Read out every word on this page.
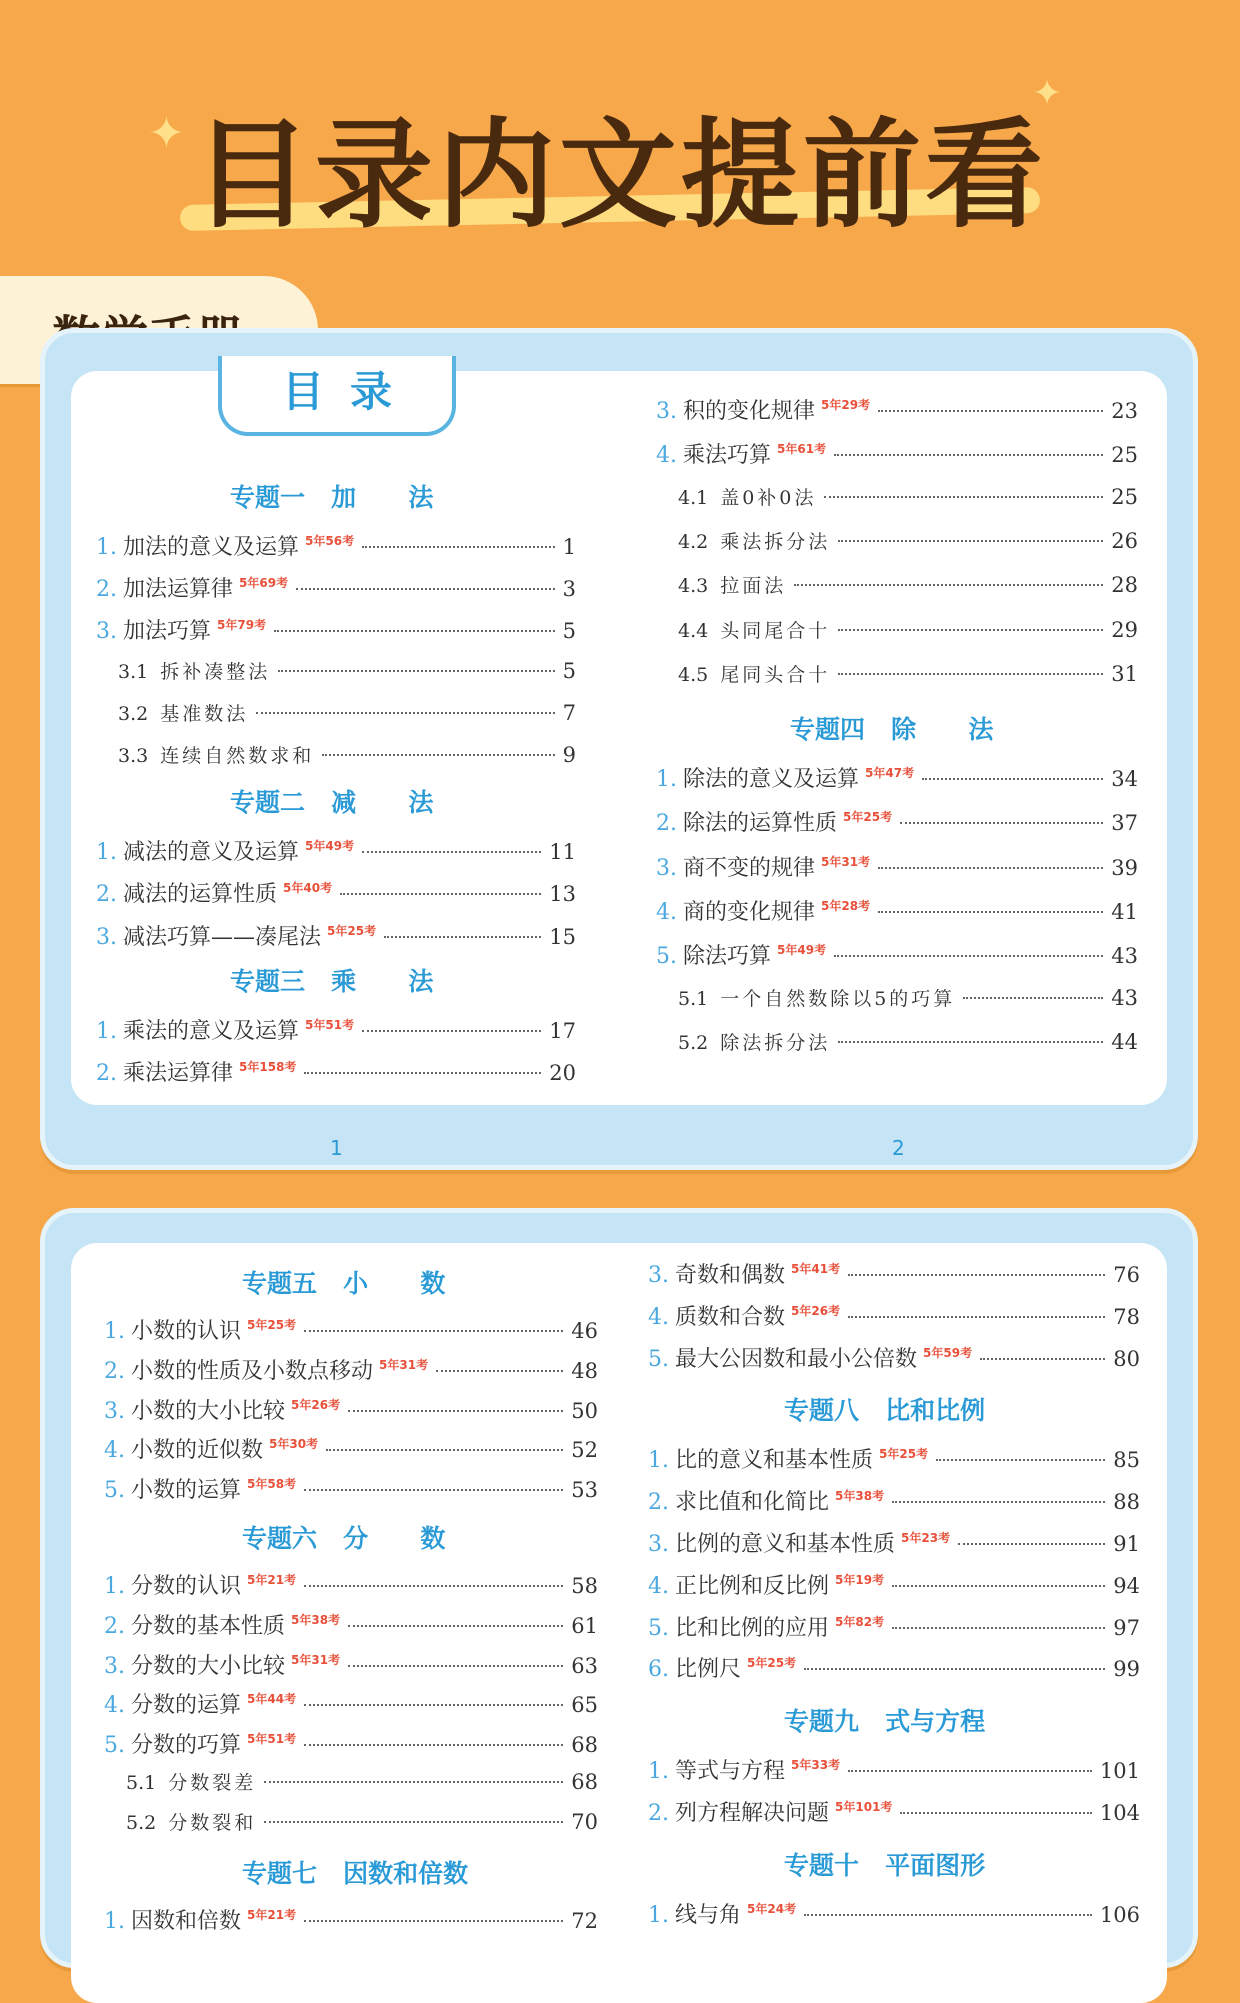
目录内文提前看
✦
✦
目录
专题一   加      法
1. 加法的意义及运算 5年56考	1
2. 加法运算律 5年69考	3
3. 加法巧算 5年79考	5
3.1 拆补凑整法	5
3.2 基准数法	7
3.3 连续自然数求和	9
专题二   减      法
1. 减法的意义及运算 5年49考	11
2. 减法的运算性质 5年40考	13
3. 减法巧算——凑尾法 5年25考	15
专题三   乘      法
1. 乘法的意义及运算 5年51考	17
2. 乘法运算律 5年158考	20
3. 积的变化规律 5年29考	23
4. 乘法巧算 5年61考	25
4.1 盖0补0法	25
4.2 乘法拆分法	26
4.3 拉面法	28
4.4 头同尾合十	29
4.5 尾同头合十	31
专题四   除      法
1. 除法的意义及运算 5年47考	34
2. 除法的运算性质 5年25考	37
3. 商不变的规律 5年31考	39
4. 商的变化规律 5年28考	41
5. 除法巧算 5年49考	43
5.1 一个自然数除以5的巧算	43
5.2 除法拆分法	44
1	2
专题五   小      数
1. 小数的认识 5年25考	46
2. 小数的性质及小数点移动 5年31考	48
3. 小数的大小比较 5年26考	50
4. 小数的近似数 5年30考	52
5. 小数的运算 5年58考	53
专题六   分      数
1. 分数的认识 5年21考	58
2. 分数的基本性质 5年38考	61
3. 分数的大小比较 5年31考	63
4. 分数的运算 5年44考	65
5. 分数的巧算 5年51考	68
5.1 分数裂差	68
5.2 分数裂和	70
专题七   因数和倍数
1. 因数和倍数 5年21考	72
3. 奇数和偶数 5年41考	76
4. 质数和合数 5年26考	78
5. 最大公因数和最小公倍数 5年59考	80
专题八   比和比例
1. 比的意义和基本性质 5年25考	85
2. 求比值和化简比 5年38考	88
3. 比例的意义和基本性质 5年23考	91
4. 正比例和反比例 5年19考	94
5. 比和比例的应用 5年82考	97
6. 比例尺 5年25考	99
专题九   式与方程
1. 等式与方程 5年33考	101
2. 列方程解决问题 5年101考	104
专题十   平面图形
1. 线与角 5年24考	106
